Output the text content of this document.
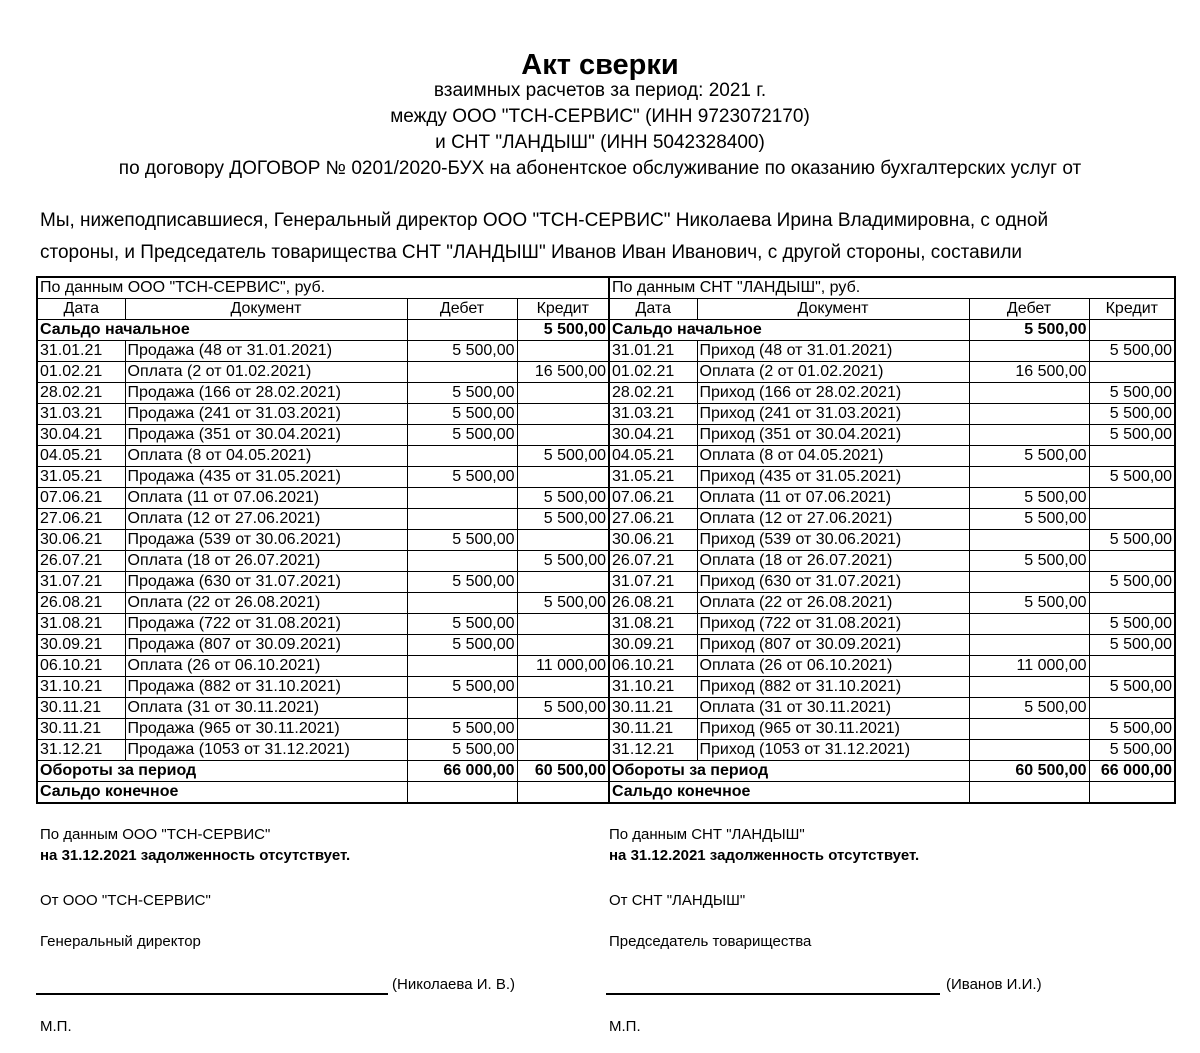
Акт сверки
взаимных расчетов за период: 2021 г.
между ООО "ТСН-СЕРВИС" (ИНН 9723072170)
и СНТ "ЛАНДЫШ" (ИНН 5042328400)
по договору ДОГОВОР № 0201/2020-БУХ на абонентское обслуживание по оказанию бухгалтерских услуг от
Мы, нижеподписавшиеся, Генеральный директор ООО "ТСН-СЕРВИС" Николаева Ирина Владимировна, с одной
стороны, и Председатель товарищества СНТ "ЛАНДЫШ" Иванов Иван Иванович, с другой стороны, составили
По данным ООО "ТСН-СЕРВИС", руб.				По данным СНТ "ЛАНДЫШ", руб.			
Дата	Документ	Дебет	Кредит	Дата	Документ	Дебет	Кредит
Сальдо начальное			5 500,00	Сальдо начальное		5 500,00	
31.01.21	Продажа (48 от 31.01.2021)	5 500,00		31.01.21	Приход (48 от 31.01.2021)		5 500,00
01.02.21	Оплата (2 от 01.02.2021)		16 500,00	01.02.21	Оплата (2 от 01.02.2021)	16 500,00	
28.02.21	Продажа (166 от 28.02.2021)	5 500,00		28.02.21	Приход (166 от 28.02.2021)		5 500,00
31.03.21	Продажа (241 от 31.03.2021)	5 500,00		31.03.21	Приход (241 от 31.03.2021)		5 500,00
30.04.21	Продажа (351 от 30.04.2021)	5 500,00		30.04.21	Приход (351 от 30.04.2021)		5 500,00
04.05.21	Оплата (8 от 04.05.2021)		5 500,00	04.05.21	Оплата (8 от 04.05.2021)	5 500,00	
31.05.21	Продажа (435 от 31.05.2021)	5 500,00		31.05.21	Приход (435 от 31.05.2021)		5 500,00
07.06.21	Оплата (11 от 07.06.2021)		5 500,00	07.06.21	Оплата (11 от 07.06.2021)	5 500,00	
27.06.21	Оплата (12 от 27.06.2021)		5 500,00	27.06.21	Оплата (12 от 27.06.2021)	5 500,00	
30.06.21	Продажа (539 от 30.06.2021)	5 500,00		30.06.21	Приход (539 от 30.06.2021)		5 500,00
26.07.21	Оплата (18 от 26.07.2021)		5 500,00	26.07.21	Оплата (18 от 26.07.2021)	5 500,00	
31.07.21	Продажа (630 от 31.07.2021)	5 500,00		31.07.21	Приход (630 от 31.07.2021)		5 500,00
26.08.21	Оплата (22 от 26.08.2021)		5 500,00	26.08.21	Оплата (22 от 26.08.2021)	5 500,00	
31.08.21	Продажа (722 от 31.08.2021)	5 500,00		31.08.21	Приход (722 от 31.08.2021)		5 500,00
30.09.21	Продажа (807 от 30.09.2021)	5 500,00		30.09.21	Приход (807 от 30.09.2021)		5 500,00
06.10.21	Оплата (26 от 06.10.2021)		11 000,00	06.10.21	Оплата (26 от 06.10.2021)	11 000,00	
31.10.21	Продажа (882 от 31.10.2021)	5 500,00		31.10.21	Приход (882 от 31.10.2021)		5 500,00
30.11.21	Оплата (31 от 30.11.2021)		5 500,00	30.11.21	Оплата (31 от 30.11.2021)	5 500,00	
30.11.21	Продажа (965 от 30.11.2021)	5 500,00		30.11.21	Приход (965 от 30.11.2021)		5 500,00
31.12.21	Продажа (1053 от 31.12.2021)	5 500,00		31.12.21	Приход (1053 от 31.12.2021)		5 500,00
Обороты за период		66 000,00	60 500,00	Обороты за период		60 500,00	66 000,00
Сальдо конечное				Сальдо конечное			
По данным ООО "ТСН-СЕРВИС"
на 31.12.2021 задолженность отсутствует.
От ООО "ТСН-СЕРВИС"
Генеральный директор
(Николаева И. В.)
М.П.
По данным СНТ "ЛАНДЫШ"
на 31.12.2021 задолженность отсутствует.
От СНТ "ЛАНДЫШ"
Председатель товарищества
(Иванов И.И.)
М.П.
